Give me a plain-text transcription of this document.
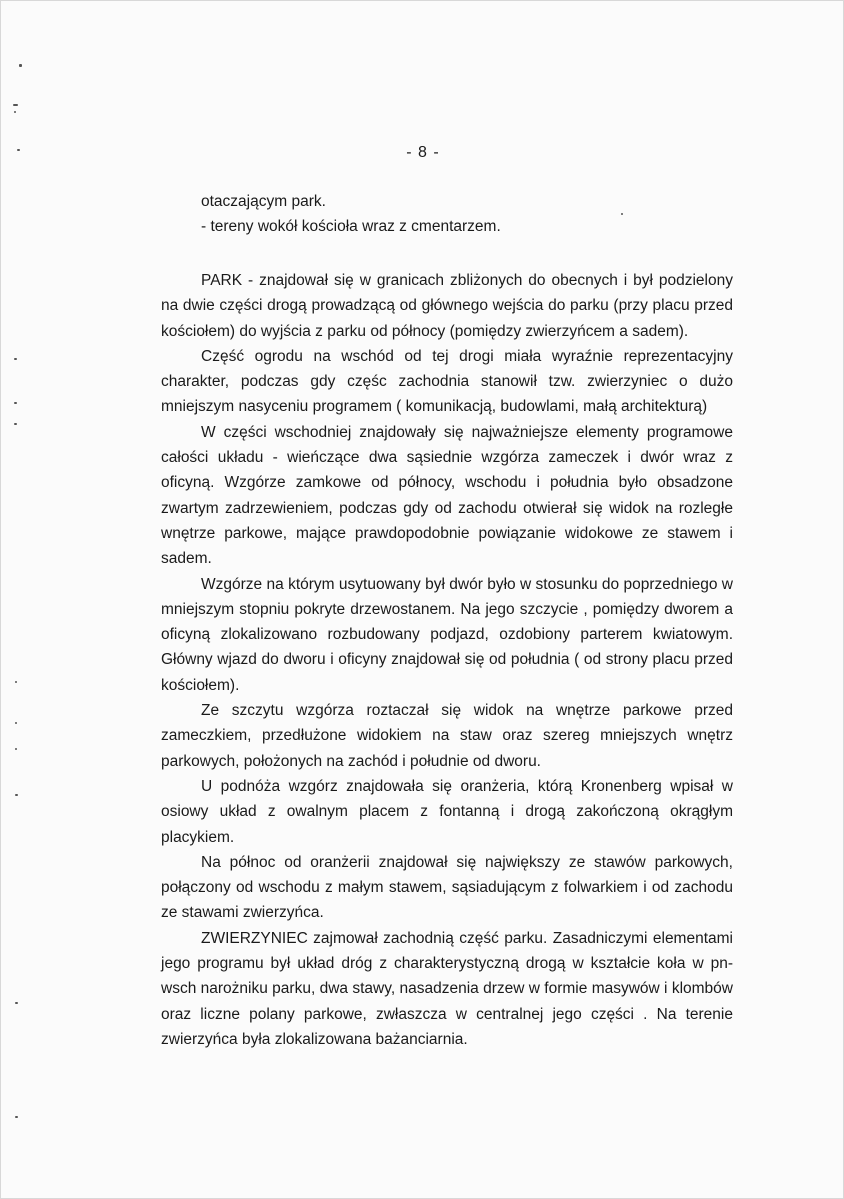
- 8 -
otaczającym park.
- tereny wokół kościoła wraz z cmentarzem.

PARK - znajdował się w granicach zbliżonych do obecnych i był podzielony na dwie części drogą prowadzącą od głównego wejścia do parku (przy placu przed kościołem) do wyjścia z parku od północy (pomiędzy zwierzyńcem a sadem).

Część ogrodu na wschód od tej drogi miała wyraźnie reprezentacyjny charakter, podczas gdy częśc zachodnia stanowił tzw. zwierzyniec o dużo mniejszym nasyceniu programem ( komunikacją, budowlami, małą architekturą)

W części wschodniej znajdowały się najważniejsze elementy programowe całości układu - wieńczące dwa sąsiednie wzgórza zameczek i dwór wraz z oficyną. Wzgórze zamkowe od północy, wschodu i południa było obsadzone zwartym zadrzewieniem, podczas gdy od zachodu otwierał się widok na rozległe wnętrze parkowe, mające prawdopodobnie powiązanie widokowe ze stawem i sadem.

Wzgórze na którym usytuowany był dwór było w stosunku do poprzedniego w mniejszym stopniu pokryte drzewostanem. Na jego szczycie , pomiędzy dworem a oficyną zlokalizowano rozbudowany podjazd, ozdobiony parterem kwiatowym. Główny wjazd do dworu i oficyny znajdował się od południa ( od strony placu przed kościołem).

Ze szczytu wzgórza roztaczał się widok na wnętrze parkowe przed zameczkiem, przedłużone widokiem na staw oraz szereg mniejszych wnętrz parkowych, położonych na zachód i południe od dworu.

U podnóża wzgórz znajdowała się oranżeria, którą Kronenberg wpisał w osiowy układ z owalnym placem z fontanną i drogą zakończoną okrągłym placykiem.

Na północ od oranżerii znajdował się największy ze stawów parkowych, połączony od wschodu z małym stawem, sąsiadującym z folwarkiem i od zachodu ze stawami zwierzyńca.

ZWIERZYNIEC zajmował zachodnią część parku. Zasadniczymi elementami jego programu był układ dróg z charakterystyczną drogą w kształcie koła w pn-wsch narożniku parku, dwa stawy, nasadzenia drzew w formie masywów i klombów oraz liczne polany parkowe, zwłaszcza w centralnej jego części . Na terenie zwierzyńca była zlokalizowana bażanciarnia.
